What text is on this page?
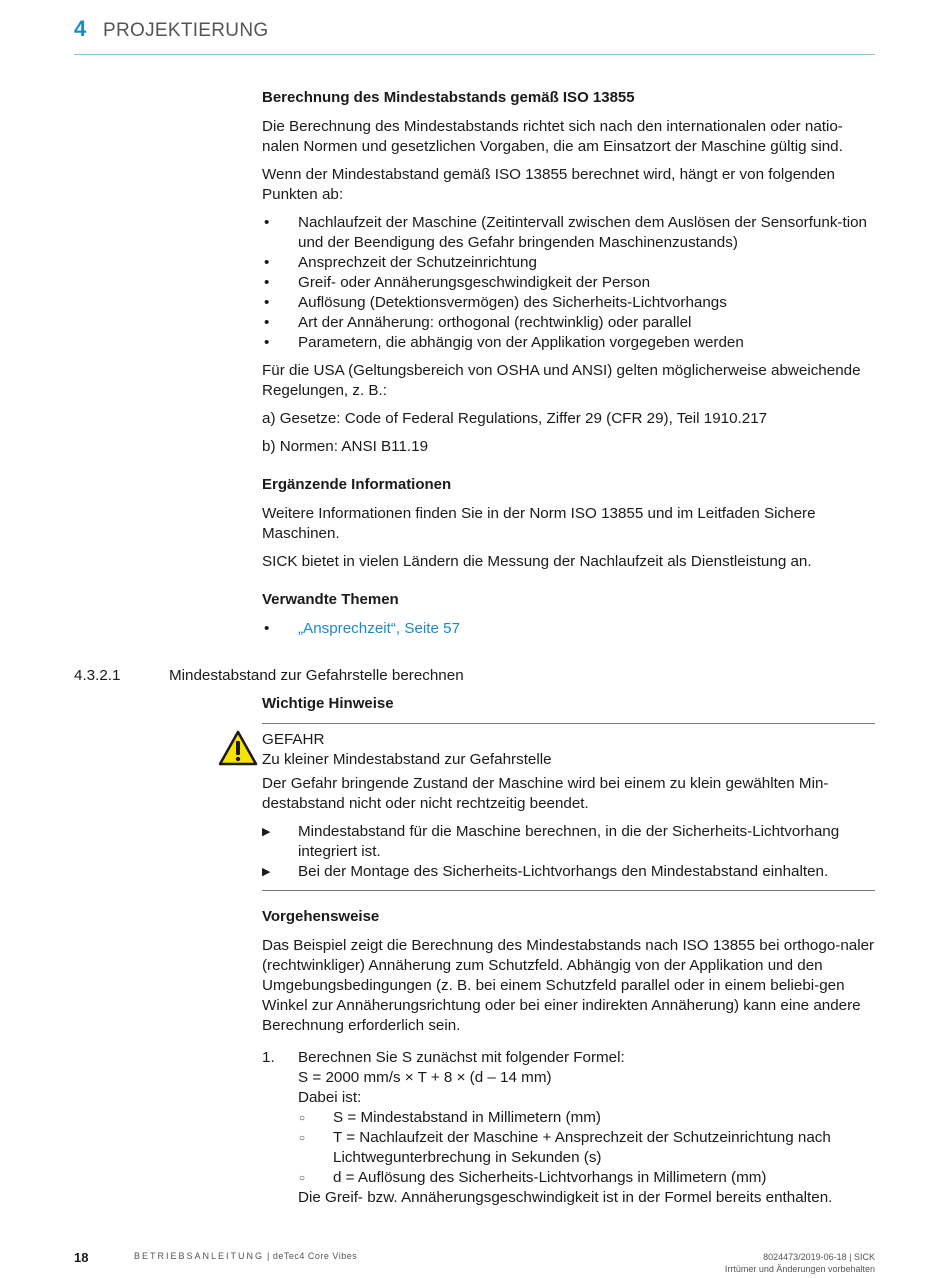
4 PROJEKTIERUNG
Berechnung des Mindestabstands gemäß ISO 13855
Die Berechnung des Mindestabstands richtet sich nach den internationalen oder natio-nalen Normen und gesetzlichen Vorgaben, die am Einsatzort der Maschine gültig sind.
Wenn der Mindestabstand gemäß ISO 13855 berechnet wird, hängt er von folgenden Punkten ab:
• Nachlaufzeit der Maschine (Zeitintervall zwischen dem Auslösen der Sensorfunk-tion und der Beendigung des Gefahr bringenden Maschinenzustands)
• Ansprechzeit der Schutzeinrichtung
• Greif- oder Annäherungsgeschwindigkeit der Person
• Auflösung (Detektionsvermögen) des Sicherheits-Lichtvorhangs
• Art der Annäherung: orthogonal (rechtwinklig) oder parallel
• Parametern, die abhängig von der Applikation vorgegeben werden
Für die USA (Geltungsbereich von OSHA und ANSI) gelten möglicherweise abweichende Regelungen, z. B.:
a) Gesetze: Code of Federal Regulations, Ziffer 29 (CFR 29), Teil 1910.217
b) Normen: ANSI B11.19
Ergänzende Informationen
Weitere Informationen finden Sie in der Norm ISO 13855 und im Leitfaden Sichere Maschinen.
SICK bietet in vielen Ländern die Messung der Nachlaufzeit als Dienstleistung an.
Verwandte Themen
• „Ansprechzeit“, Seite 57
4.3.2.1	Mindestabstand zur Gefahrstelle berechnen
Wichtige Hinweise
GEFAHR
Zu kleiner Mindestabstand zur Gefahrstelle
Der Gefahr bringende Zustand der Maschine wird bei einem zu klein gewählten Min-destabstand nicht oder nicht rechtzeitig beendet.
▶ Mindestabstand für die Maschine berechnen, in die der Sicherheits-Lichtvorhang integriert ist.
▶ Bei der Montage des Sicherheits-Lichtvorhangs den Mindestabstand einhalten.
Vorgehensweise
Das Beispiel zeigt die Berechnung des Mindestabstands nach ISO 13855 bei orthogo-naler (rechtwinkliger) Annäherung zum Schutzfeld. Abhängig von der Applikation und den Umgebungsbedingungen (z. B. bei einem Schutzfeld parallel oder in einem beliebi-gen Winkel zur Annäherungsrichtung oder bei einer indirekten Annäherung) kann eine andere Berechnung erforderlich sein.
1. Berechnen Sie S zunächst mit folgender Formel:
S = 2000 mm/s × T + 8 × (d – 14 mm)
Dabei ist:
○ S = Mindestabstand in Millimetern (mm)
○ T = Nachlaufzeit der Maschine + Ansprechzeit der Schutzeinrichtung nach Lichtwegunterbrechung in Sekunden (s)
○ d = Auflösung des Sicherheits-Lichtvorhangs in Millimetern (mm)
Die Greif- bzw. Annäherungsgeschwindigkeit ist in der Formel bereits enthalten.
18	BETRIEBSANLEITUNG | deTec4 Core Vibes	8024473/2019-06-18 | SICK
Irrtümer und Änderungen vorbehalten
